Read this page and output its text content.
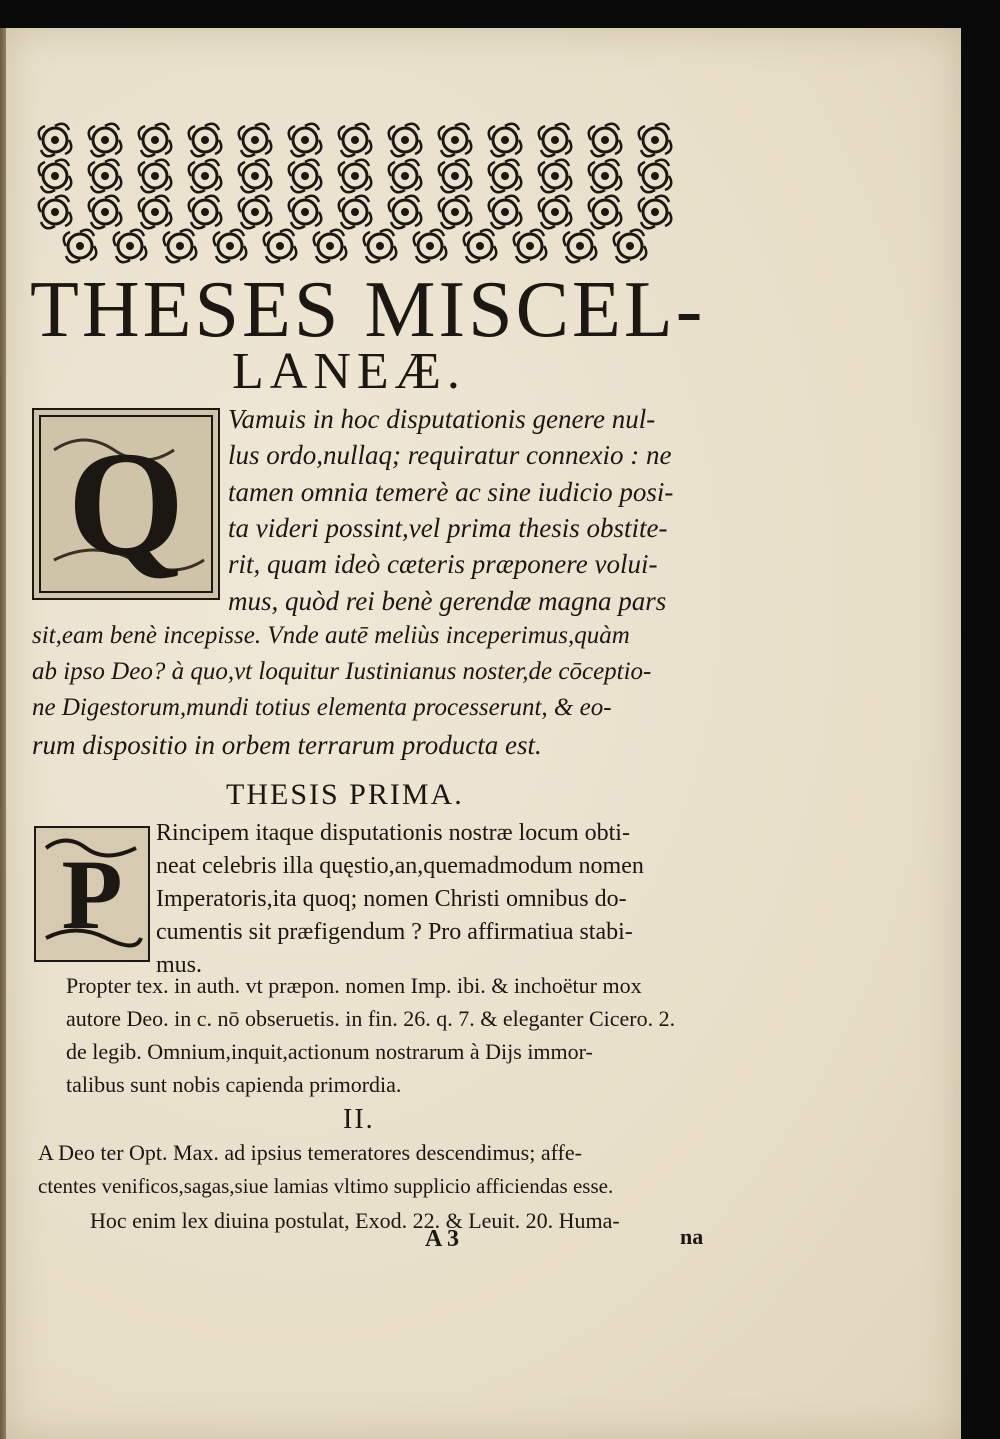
THESES MISCEL-
LANEÆ.
Q
Vamuis in hoc disputationis genere nul-
lus ordo,nullaq; requiratur connexio : ne
tamen omnia temerè ac sine iudicio posi-
ta videri possint,vel prima thesis obstite-
rit, quam ideò cæteris præponere volui-
mus, quòd rei benè gerendæ magna pars
sit,eam benè incepisse. Vnde autē meliùs inceperimus,quàm
ab ipso Deo? à quo,vt loquitur Iustinianus noster,de cōceptio-
ne Digestorum,mundi totius elementa processerunt, & eo-
rum dispositio in orbem terrarum producta est.
THESIS PRIMA.
P
Rincipem itaque disputationis nostræ locum obti-
neat celebris illa quęstio,an,quemadmodum nomen
Imperatoris,ita quoq; nomen Christi omnibus do-
cumentis sit præfigendum ? Pro affirmatiua stabi-
mus.
Propter tex. in auth. vt præpon. nomen Imp. ibi. & inchoëtur mox
autore Deo. in c. nō obseruetis. in fin. 26. q. 7. & eleganter Cicero. 2.
de legib. Omnium,inquit,actionum nostrarum à Dijs immor-
talibus sunt nobis capienda primordia.
II.
A Deo ter Opt. Max. ad ipsius temeratores descendimus; affe-
ctentes venificos,sagas,siue lamias vltimo supplicio afficiendas esse.
Hoc enim lex diuina postulat, Exod. 22. & Leuit. 20. Huma-
A 3	na
